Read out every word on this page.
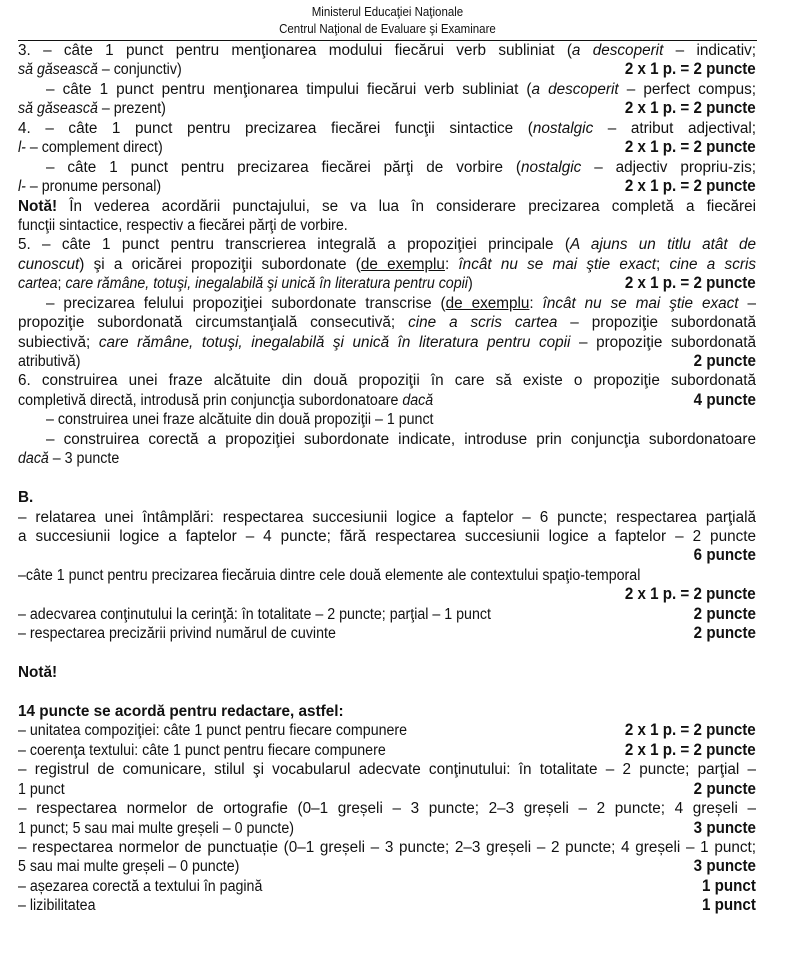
Ministerul Educaţiei Naţionale
Centrul Naţional de Evaluare şi Examinare
3. – câte 1 punct pentru menţionarea modului fiecărui verb subliniat (a descoperit – indicativ;
să găsească – conjunctiv)	2 x 1 p. = 2 puncte
– câte 1 punct pentru menţionarea timpului fiecărui verb subliniat (a descoperit – perfect compus;
să găsească – prezent)	2 x 1 p. = 2 puncte
4. – câte 1 punct pentru precizarea fiecărei funcţii sintactice (nostalgic – atribut adjectival;
l- – complement direct)	2 x 1 p. = 2 puncte
– câte 1 punct pentru precizarea fiecărei părţi de vorbire (nostalgic – adjectiv propriu-zis;
l- – pronume personal)	2 x 1 p. = 2 puncte
Notă! În vederea acordării punctajului, se va lua în considerare precizarea completă a fiecărei
funcţii sintactice, respectiv a fiecărei părţi de vorbire.
5. – câte 1 punct pentru transcrierea integrală a propoziţiei principale (A ajuns un titlu atât de
cunoscut) şi a oricărei propoziţii subordonate (de exemplu: încât nu se mai ştie exact; cine a scris
cartea; care rămâne, totuşi, inegalabilă şi unică în literatura pentru copii)	2 x 1 p. = 2 puncte
– precizarea felului propoziţiei subordonate transcrise (de exemplu: încât nu se mai ştie exact –
propoziţie subordonată circumstanţială consecutivă; cine a scris cartea – propoziţie subordonată
subiectivă; care rămâne, totuşi, inegalabilă şi unică în literatura pentru copii – propoziţie subordonată
atributivă)	2 puncte
6. construirea unei fraze alcătuite din două propoziţii în care să existe o propoziţie subordonată
completivă directă, introdusă prin conjuncţia subordonatoare dacă	4 puncte
– construirea unei fraze alcătuite din două propoziţii – 1 punct
– construirea corectă a propoziţiei subordonate indicate, introduse prin conjuncţia subordonatoare
dacă – 3 puncte
B.
– relatarea unei întâmplări: respectarea succesiunii logice a faptelor – 6 puncte; respectarea parţială
a succesiunii logice a faptelor – 4 puncte; fără respectarea succesiunii logice a faptelor – 2 puncte
6 puncte
–câte 1 punct pentru precizarea fiecăruia dintre cele două elemente ale contextului spaţio-temporal
2 x 1 p. = 2 puncte
– adecvarea conţinutului la cerinţă: în totalitate – 2 puncte; parţial – 1 punct	2 puncte
– respectarea precizării privind numărul de cuvinte	2 puncte
Notă!
14 puncte se acordă pentru redactare, astfel:
– unitatea compoziţiei: câte 1 punct pentru fiecare compunere	2 x 1 p. = 2 puncte
– coerenţa textului: câte 1 punct pentru fiecare compunere	2 x 1 p. = 2 puncte
– registrul de comunicare, stilul şi vocabularul adecvate conţinutului: în totalitate – 2 puncte; parţial –
1 punct	2 puncte
– respectarea normelor de ortografie (0–1 greșeli – 3 puncte; 2–3 greșeli – 2 puncte; 4 greșeli –
1 punct; 5 sau mai multe greșeli – 0 puncte)	3 puncte
– respectarea normelor de punctuație (0–1 greșeli – 3 puncte; 2–3 greșeli – 2 puncte; 4 greșeli – 1 punct;
5 sau mai multe greșeli – 0 puncte)	3 puncte
– așezarea corectă a textului în pagină	1 punct
– lizibilitatea	1 punct
